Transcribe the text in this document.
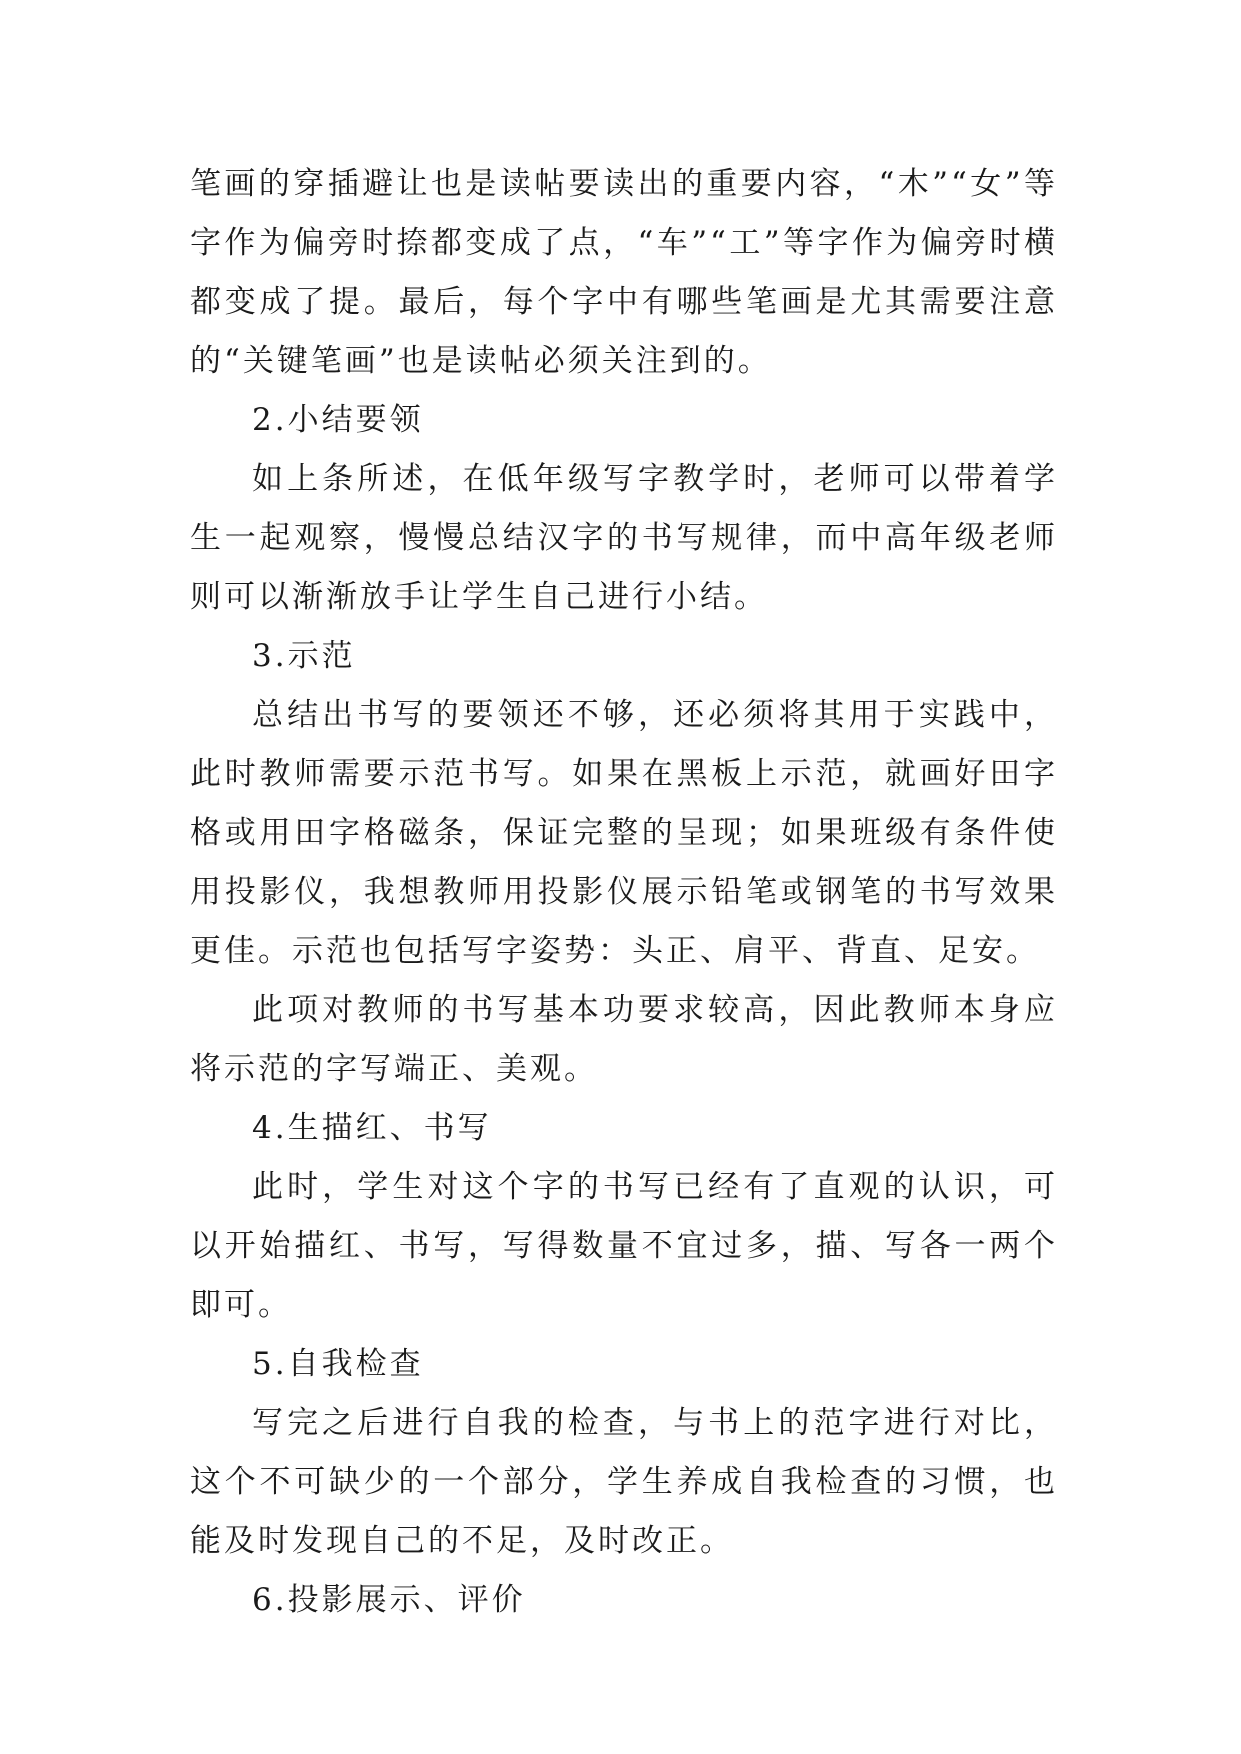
笔画的穿插避让也是读帖要读出的重要内容，“木”“女”等字作为偏旁时捺都变成了点，“车”“工”等字作为偏旁时横都变成了提。最后，每个字中有哪些笔画是尤其需要注意的“关键笔画”也是读帖必须关注到的。

2.小结要领

如上条所述，在低年级写字教学时，老师可以带着学生一起观察，慢慢总结汉字的书写规律，而中高年级老师则可以渐渐放手让学生自己进行小结。

3.示范

总结出书写的要领还不够，还必须将其用于实践中，此时教师需要示范书写。如果在黑板上示范，就画好田字格或用田字格磁条，保证完整的呈现；如果班级有条件使用投影仪，我想教师用投影仪展示铅笔或钢笔的书写效果更佳。示范也包括写字姿势：头正、肩平、背直、足安。

此项对教师的书写基本功要求较高，因此教师本身应将示范的字写端正、美观。

4.生描红、书写

此时，学生对这个字的书写已经有了直观的认识，可以开始描红、书写，写得数量不宜过多，描、写各一两个即可。

5.自我检查

写完之后进行自我的检查，与书上的范字进行对比，这个不可缺少的一个部分，学生养成自我检查的习惯，也能及时发现自己的不足，及时改正。

6.投影展示、评价
